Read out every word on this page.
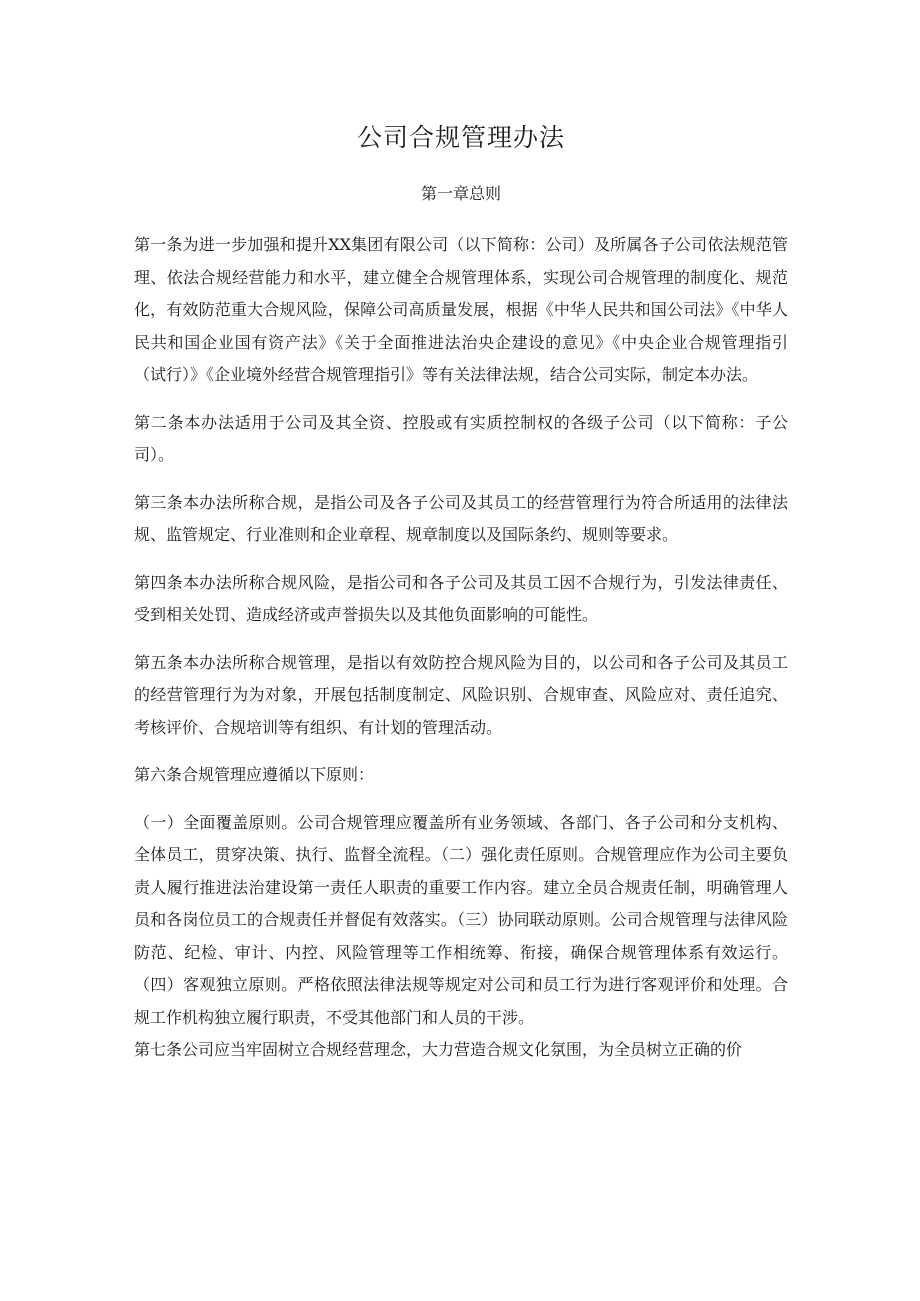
公司合规管理办法
第一章总则

第一条为进一步加强和提升XX集团有限公司（以下简称：公司）及所属各子公司依法规范管理、依法合规经营能力和水平，建立健全合规管理体系，实现公司合规管理的制度化、规范化，有效防范重大合规风险，保障公司高质量发展，根据《中华人民共和国公司法》《中华人民共和国企业国有资产法》《关于全面推进法治央企建设的意见》《中央企业合规管理指引（试行）》《企业境外经营合规管理指引》等有关法律法规，结合公司实际，制定本办法。

第二条本办法适用于公司及其全资、控股或有实质控制权的各级子公司（以下简称：子公司）。

第三条本办法所称合规，是指公司及各子公司及其员工的经营管理行为符合所适用的法律法规、监管规定、行业准则和企业章程、规章制度以及国际条约、规则等要求。

第四条本办法所称合规风险，是指公司和各子公司及其员工因不合规行为，引发法律责任、受到相关处罚、造成经济或声誉损失以及其他负面影响的可能性。

第五条本办法所称合规管理，是指以有效防控合规风险为目的，以公司和各子公司及其员工的经营管理行为为对象，开展包括制度制定、风险识别、合规审查、风险应对、责任追究、考核评价、合规培训等有组织、有计划的管理活动。

第六条合规管理应遵循以下原则：

（一）全面覆盖原则。公司合规管理应覆盖所有业务领域、各部门、各子公司和分支机构、全体员工，贯穿决策、执行、监督全流程。（二）强化责任原则。合规管理应作为公司主要负责人履行推进法治建设第一责任人职责的重要工作内容。建立全员合规责任制，明确管理人员和各岗位员工的合规责任并督促有效落实。（三）协同联动原则。公司合规管理与法律风险防范、纪检、审计、内控、风险管理等工作相统筹、衔接，确保合规管理体系有效运行。（四）客观独立原则。严格依照法律法规等规定对公司和员工行为进行客观评价和处理。合规工作机构独立履行职责，不受其他部门和人员的干涉。

第七条公司应当牢固树立合规经营理念，大力营造合规文化氛围，为全员树立正确的价
